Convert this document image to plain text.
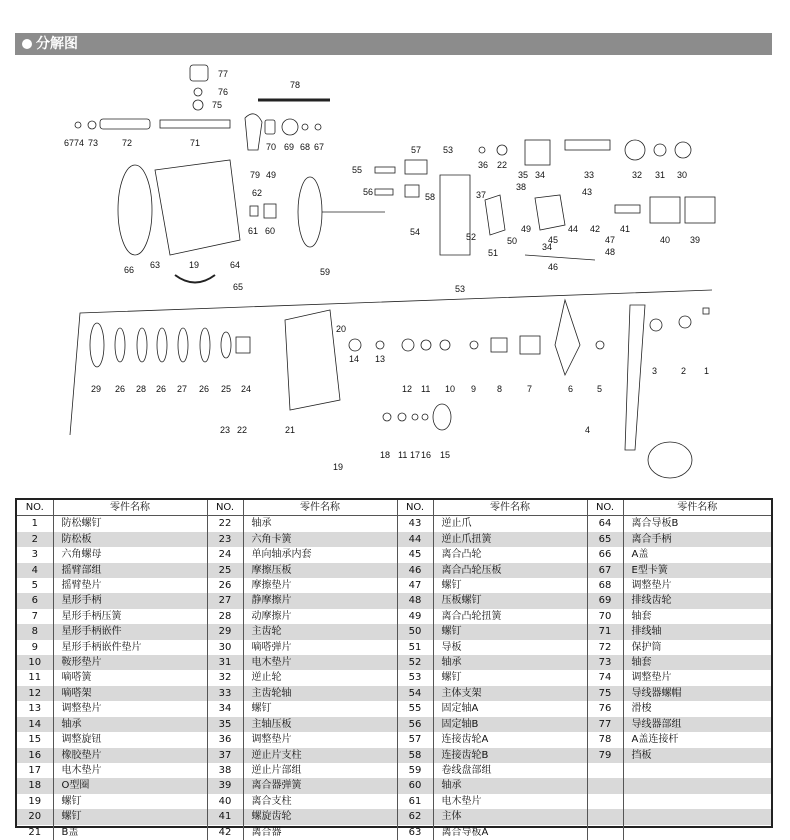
分解图
77
76
75
78
6774 73	72	71	70 69 68 67
79 49
62
66
61 60
63	19	64
65
57 53
55
56	58
59
54
36 22
35 34	33	32 31 30
38
37	43
51
52	50
49
45
44 42 41
40 39
47
48
46
34
53
20
14 13
12 11 10 9 8	7	6	5
3	2 1
29 26 28 26 27 26 25 24
23 22	21
19
18 11 17 16 15
4
NO.	零件名称	NO.	零件名称	NO.	零件名称	NO.	零件名称
1	防松螺钉	22	轴承	43	逆止爪	64	离合导板B
2	防松板	23	六角卡簧	44	逆止爪扭簧	65	离合手柄
3	六角螺母	24	单向轴承内套	45	离合凸轮	66	A盖
4	摇臂部组	25	摩擦压板	46	离合凸轮压板	67	E型卡簧
5	摇臂垫片	26	摩擦垫片	47	螺钉	68	调整垫片
6	星形手柄	27	静摩擦片	48	压板螺钉	69	排线齿轮
7	星形手柄压簧	28	动摩擦片	49	离合凸轮扭簧	70	轴套
8	星形手柄嵌件	29	主齿轮	50	螺钉	71	排线轴
9	星形手柄嵌件垫片	30	嘀嗒弹片	51	导板	72	保护筒
10	鞍形垫片	31	电木垫片	52	轴承	73	轴套
11	嘀嗒簧	32	逆止轮	53	螺钉	74	调整垫片
12	嘀嗒架	33	主齿轮轴	54	主体支架	75	导线器螺帽
13	调整垫片	34	螺钉	55	固定轴A	76	滑梭
14	轴承	35	主轴压板	56	固定轴B	77	导线器部组
15	调整旋钮	36	调整垫片	57	连接齿轮A	78	A盖连接杆
16	橡胶垫片	37	逆止片支柱	58	连接齿轮B	79	挡板
17	电木垫片	38	逆止片部组	59	卷线盘部组		
18	O型圈	39	离合器弹簧	60	轴承		
19	螺钉	40	离合支柱	61	电木垫片		
20	螺钉	41	螺旋齿轮	62	主体		
21	B盖	42	离合器	63	离合导板A		
